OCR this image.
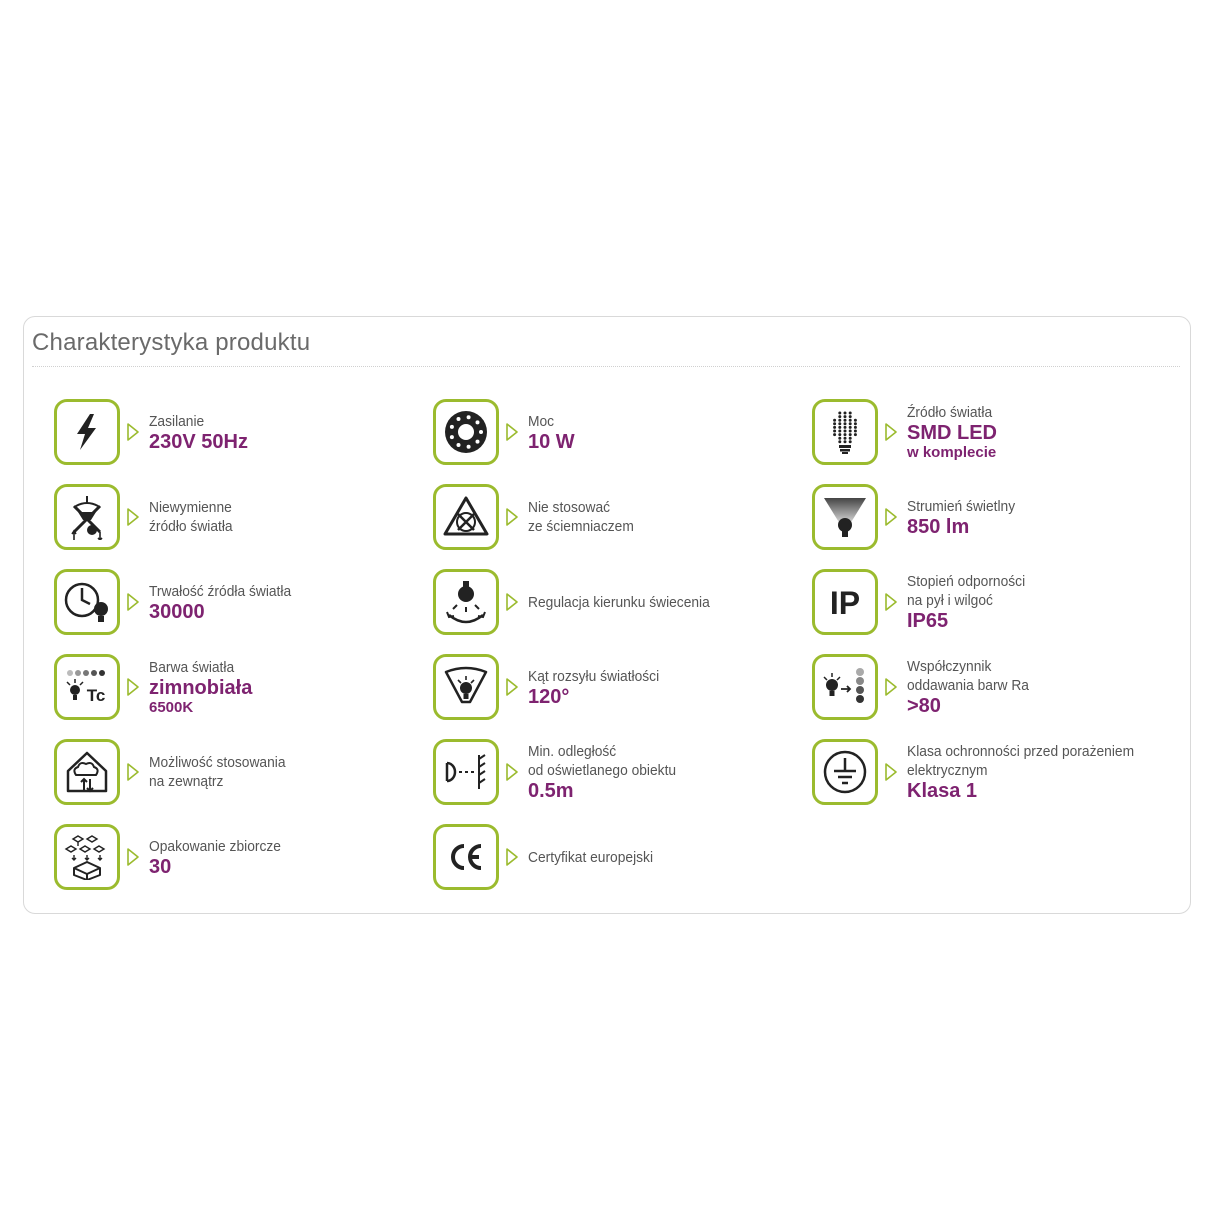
Charakterystyka produktu
Zasilanie
230V 50Hz
Moc
10 W
Źródło światła
SMD LED
w komplecie
Niewymienne
źródło światła
Nie stosować
ze ściemniaczem
Strumień świetlny
850 lm
Trwałość źródła światła
30000	Regulacja kierunku świecenia	IP
Stopień odporności
na pył i wilgoć
IP65
Tc
Barwa światła
zimnobiała
6500K
Kąt rozsyłu światłości
120°
Współczynnik
oddawania barw Ra
>80
Możliwość stosowania
na zewnątrz
Min. odległość
od oświetlanego obiektu
0.5m
Klasa ochronności przed porażeniem
elektrycznym
Klasa 1
Opakowanie zbiorcze
30	Certyfikat europejski
